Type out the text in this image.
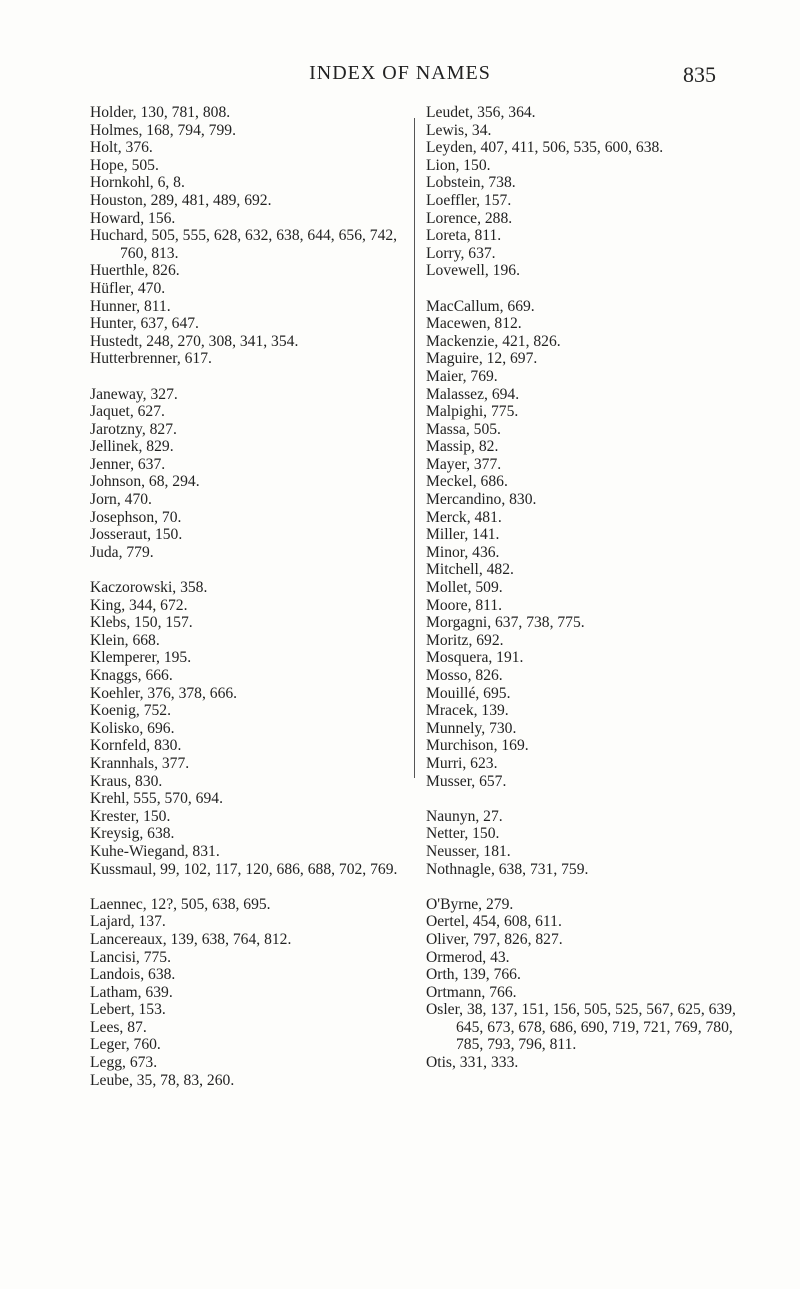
INDEX OF NAMES	835
Holder, 130, 781, 808.
Holmes, 168, 794, 799.
Holt, 376.
Hope, 505.
Hornkohl, 6, 8.
Houston, 289, 481, 489, 692.
Howard, 156.
Huchard, 505, 555, 628, 632, 638, 644, 656, 742, 760, 813.
Huerthle, 826.
Hüfler, 470.
Hunner, 811.
Hunter, 637, 647.
Hustedt, 248, 270, 308, 341, 354.
Hutterbrenner, 617.
Janeway, 327.
Jaquet, 627.
Jarotzny, 827.
Jellinek, 829.
Jenner, 637.
Johnson, 68, 294.
Jorn, 470.
Josephson, 70.
Josseraut, 150.
Juda, 779.
Kaczorowski, 358.
King, 344, 672.
Klebs, 150, 157.
Klein, 668.
Klemperer, 195.
Knaggs, 666.
Koehler, 376, 378, 666.
Koenig, 752.
Kolisko, 696.
Kornfeld, 830.
Krannhals, 377.
Kraus, 830.
Krehl, 555, 570, 694.
Krester, 150.
Kreysig, 638.
Kuhe-Wiegand, 831.
Kussmaul, 99, 102, 117, 120, 686, 688, 702, 769.
Laennec, 12?, 505, 638, 695.
Lajard, 137.
Lancereaux, 139, 638, 764, 812.
Lancisi, 775.
Landois, 638.
Latham, 639.
Lebert, 153.
Lees, 87.
Leger, 760.
Legg, 673.
Leube, 35, 78, 83, 260.
Leudet, 356, 364.
Lewis, 34.
Leyden, 407, 411, 506, 535, 600, 638.
Lion, 150.
Lobstein, 738.
Loeffler, 157.
Lorence, 288.
Loreta, 811.
Lorry, 637.
Lovewell, 196.
MacCallum, 669.
Macewen, 812.
Mackenzie, 421, 826.
Maguire, 12, 697.
Maier, 769.
Malassez, 694.
Malpighi, 775.
Massa, 505.
Massip, 82.
Mayer, 377.
Meckel, 686.
Mercandino, 830.
Merck, 481.
Miller, 141.
Minor, 436.
Mitchell, 482.
Mollet, 509.
Moore, 811.
Morgagni, 637, 738, 775.
Moritz, 692.
Mosquera, 191.
Mosso, 826.
Mouillé, 695.
Mracek, 139.
Munnely, 730.
Murchison, 169.
Murri, 623.
Musser, 657.
Naunyn, 27.
Netter, 150.
Neusser, 181.
Nothnagle, 638, 731, 759.
O'Byrne, 279.
Oertel, 454, 608, 611.
Oliver, 797, 826, 827.
Ormerod, 43.
Orth, 139, 766.
Ortmann, 766.
Osler, 38, 137, 151, 156, 505, 525, 567, 625, 639, 645, 673, 678, 686, 690, 719, 721, 769, 780, 785, 793, 796, 811.
Otis, 331, 333.
